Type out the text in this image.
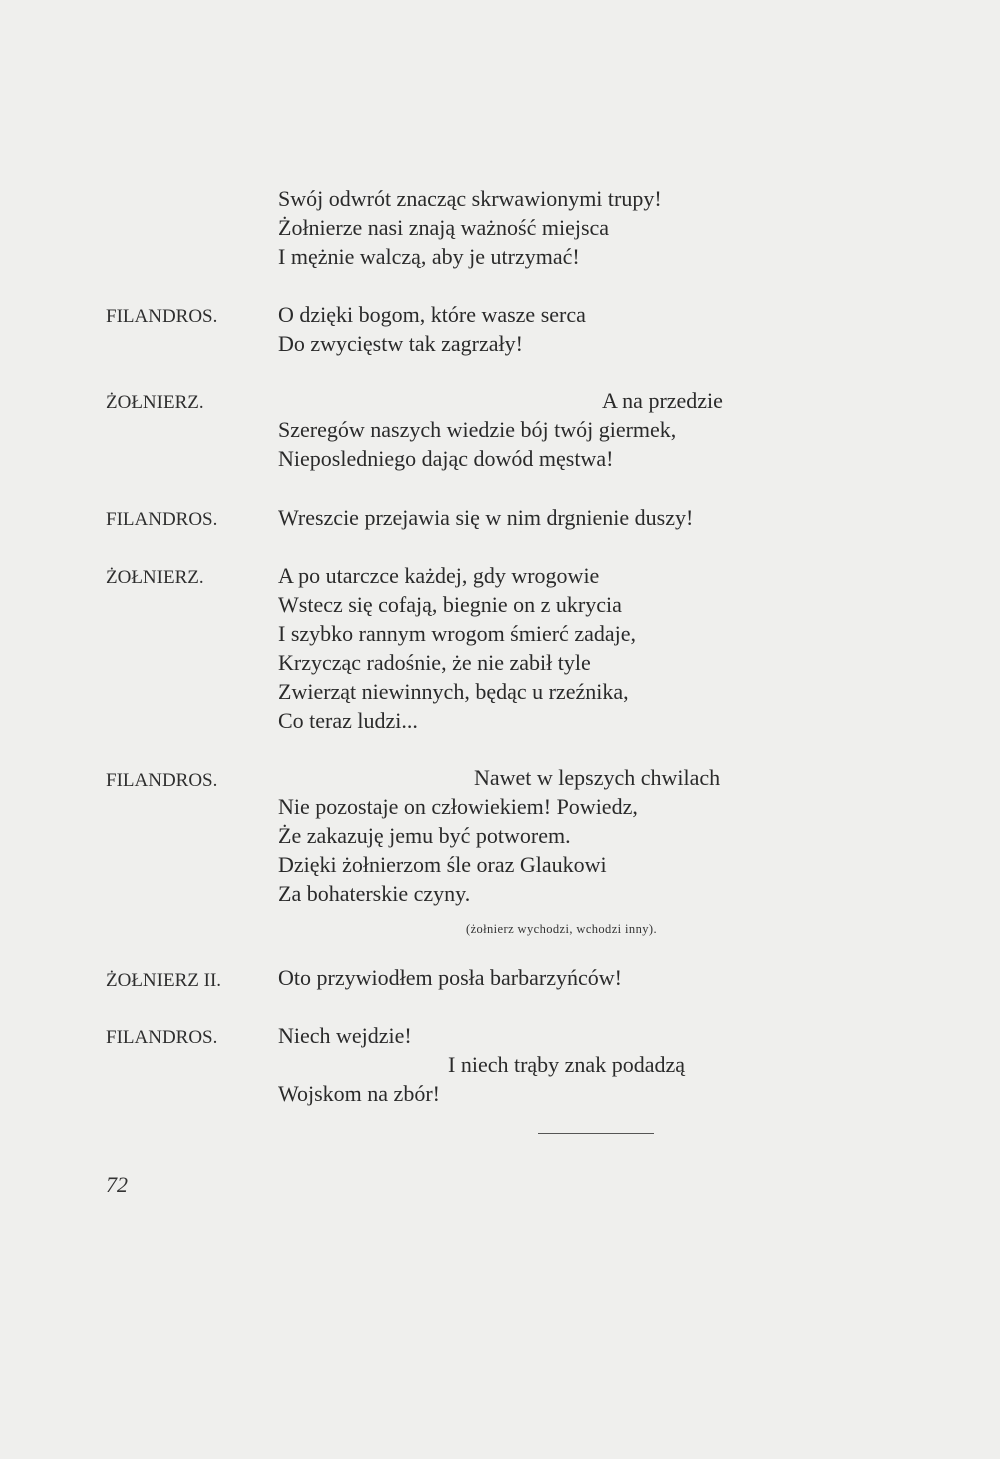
Swój odwrót znacząc skrwawionymi trupy!
Żołnierze nasi znają ważność miejsca
I mężnie walczą, aby je utrzymać!
FILANDROS.	O dzięki bogom, które wasze serca
Do zwycięstw tak zagrzały!
ŻOŁNIERZ.	A na przedzie
Szeregów naszych wiedzie bój twój giermek,
Nieposledniego dając dowód męstwa!
FILANDROS.	Wreszcie przejawia się w nim drgnienie duszy!
ŻOŁNIERZ.	A po utarczce każdej, gdy wrogowie
Wstecz się cofają, biegnie on z ukrycia
I szybko rannym wrogom śmierć zadaje,
Krzycząc radośnie, że nie zabił tyle
Zwierząt niewinnych, będąc u rzeźnika,
Co teraz ludzi...
FILANDROS.	Nawet w lepszych chwilach
Nie pozostaje on człowiekiem! Powiedz,
Że zakazuję jemu być potworem.
Dzięki żołnierzom śle oraz Glaukowi
Za bohaterskie czyny.
(żołnierz wychodzi, wchodzi inny).
ŻOŁNIERZ II.	Oto przywiodłem posła barbarzyńców!
FILANDROS.	Niech wejdzie!
I niech trąby znak podadzą
Wojskom na zbór!
72
